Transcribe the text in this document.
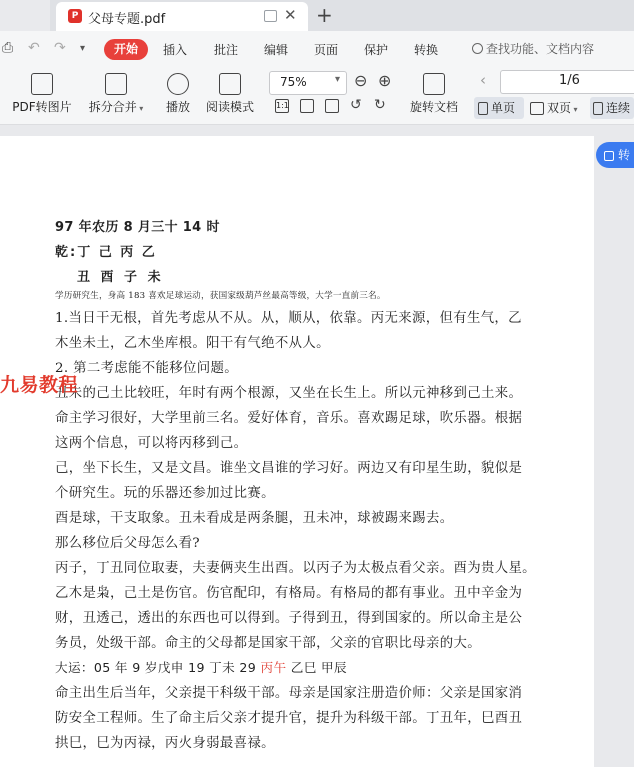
P 父母专题.pdf	✕ +
⎙ ↶ ↷ ▾	开始	插入 批注 编辑 页面 保护 转换	查找功能、文档内容
PDF转图片	拆分合并 ▾	播放	阅读模式
75%	▾ ⊖ ⊕
1:1	↺ ↻ 旋转文档
‹	1/6
单页	双页 ▾	连续
转
97 年农历 8 月三十 14 时
乾:丁 己 丙 乙
丑 酉 子 未
学历研究生，身高 183 喜欢足球运动，获国家级葫芦丝最高等级，大学一直前三名。
1.当日干无根，首先考虑从不从。从，顺从，依靠。丙无来源，但有生气，乙
木坐未土，乙木坐库根。阳干有气绝不从人。
2. 第二考虑能不能移位问题。
丑未的己土比较旺，年时有两个根源，又坐在长生上。所以元神移到己土来。
命主学习很好，大学里前三名。爱好体育，音乐。喜欢踢足球，吹乐器。根据
这两个信息，可以将丙移到己。
己，坐下长生，又是文昌。谁坐文昌谁的学习好。两边又有印星生助，貌似是
个研究生。玩的乐器还参加过比赛。
酉是球，干支取象。丑未看成是两条腿，丑未冲，球被踢来踢去。
那么移位后父母怎么看?
丙子，丁丑同位取妻，夫妻俩夹生出酉。以丙子为太极点看父亲。酉为贵人星。
乙木是枭，己土是伤官。伤官配印，有格局。有格局的都有事业。丑中辛金为
财，丑透己，透出的东西也可以得到。子得到丑，得到国家的。所以命主是公
务员，处级干部。命主的父母都是国家干部，父亲的官职比母亲的大。
大运：05 年 9 岁戊申 19 丁未 29 丙午 乙巳 甲辰
命主出生后当年，父亲提干科级干部。母亲是国家注册造价师：父亲是国家消
防安全工程师。生了命主后父亲才提升官，提升为科级干部。丁丑年，巳酉丑
拱巳，巳为丙禄，丙火身弱最喜禄。
九易教程
